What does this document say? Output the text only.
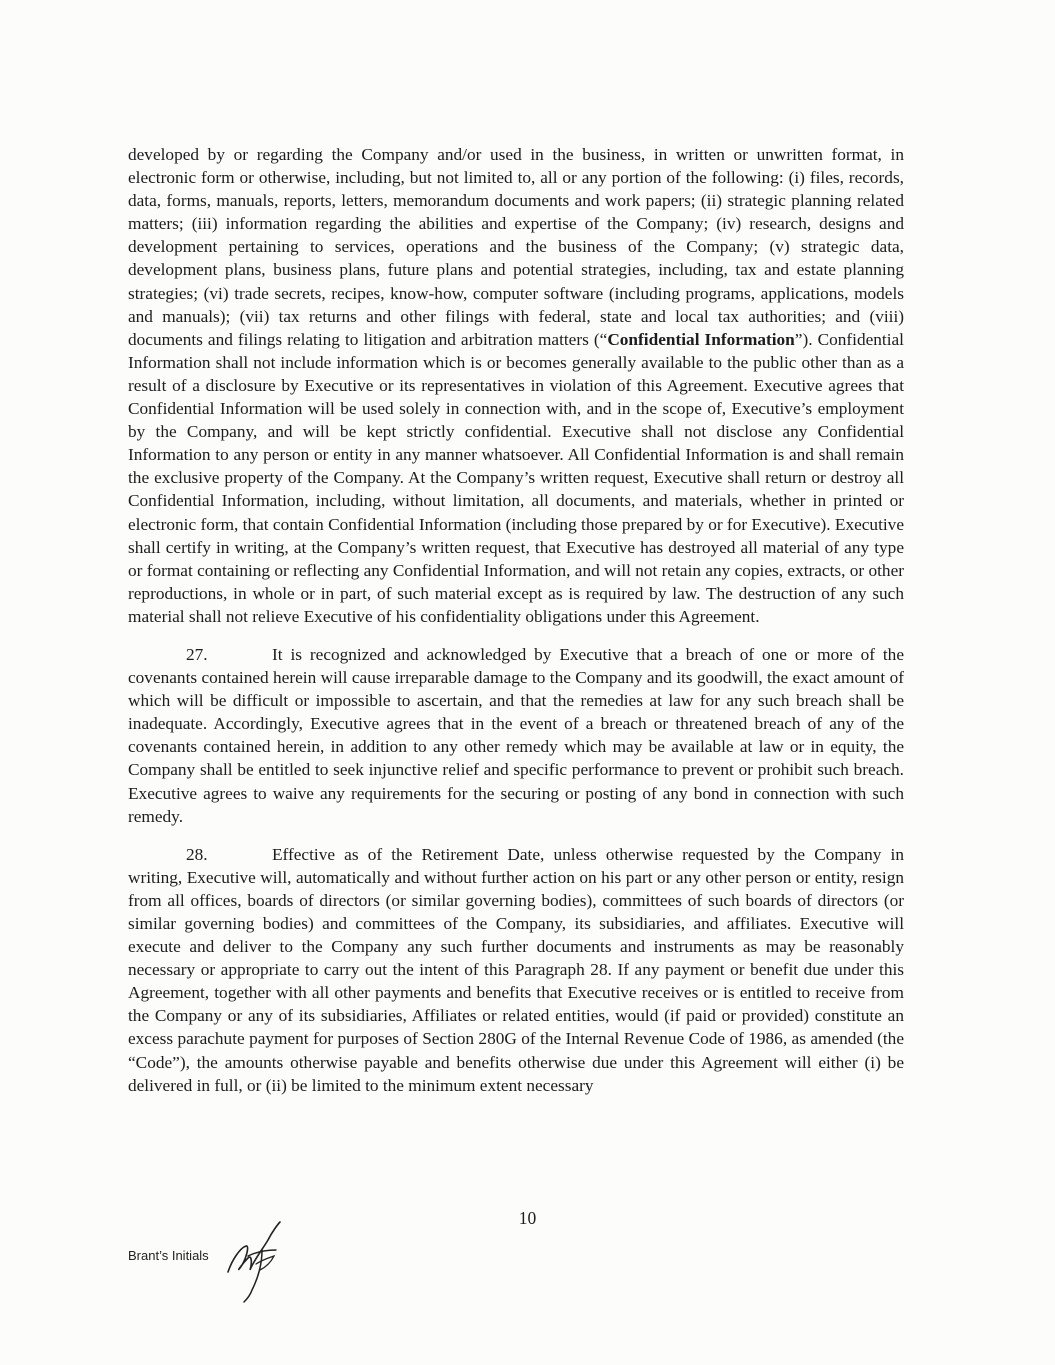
developed by or regarding the Company and/or used in the business, in written or unwritten format, in electronic form or otherwise, including, but not limited to, all or any portion of the following: (i) files, records, data, forms, manuals, reports, letters, memorandum documents and work papers; (ii) strategic planning related matters; (iii) information regarding the abilities and expertise of the Company; (iv) research, designs and development pertaining to services, operations and the business of the Company; (v) strategic data, development plans, business plans, future plans and potential strategies, including, tax and estate planning strategies; (vi) trade secrets, recipes, know-how, computer software (including programs, applications, models and manuals); (vii) tax returns and other filings with federal, state and local tax authorities; and (viii) documents and filings relating to litigation and arbitration matters (“Confidential Information”). Confidential Information shall not include information which is or becomes generally available to the public other than as a result of a disclosure by Executive or its representatives in violation of this Agreement. Executive agrees that Confidential Information will be used solely in connection with, and in the scope of, Executive’s employment by the Company, and will be kept strictly confidential. Executive shall not disclose any Confidential Information to any person or entity in any manner whatsoever. All Confidential Information is and shall remain the exclusive property of the Company. At the Company’s written request, Executive shall return or destroy all Confidential Information, including, without limitation, all documents, and materials, whether in printed or electronic form, that contain Confidential Information (including those prepared by or for Executive). Executive shall certify in writing, at the Company’s written request, that Executive has destroyed all material of any type or format containing or reflecting any Confidential Information, and will not retain any copies, extracts, or other reproductions, in whole or in part, of such material except as is required by law. The destruction of any such material shall not relieve Executive of his confidentiality obligations under this Agreement.

27.	It is recognized and acknowledged by Executive that a breach of one or more of the covenants contained herein will cause irreparable damage to the Company and its goodwill, the exact amount of which will be difficult or impossible to ascertain, and that the remedies at law for any such breach shall be inadequate. Accordingly, Executive agrees that in the event of a breach or threatened breach of any of the covenants contained herein, in addition to any other remedy which may be available at law or in equity, the Company shall be entitled to seek injunctive relief and specific performance to prevent or prohibit such breach. Executive agrees to waive any requirements for the securing or posting of any bond in connection with such remedy.

28.	Effective as of the Retirement Date, unless otherwise requested by the Company in writing, Executive will, automatically and without further action on his part or any other person or entity, resign from all offices, boards of directors (or similar governing bodies), committees of such boards of directors (or similar governing bodies) and committees of the Company, its subsidiaries, and affiliates. Executive will execute and deliver to the Company any such further documents and instruments as may be reasonably necessary or appropriate to carry out the intent of this Paragraph 28. If any payment or benefit due under this Agreement, together with all other payments and benefits that Executive receives or is entitled to receive from the Company or any of its subsidiaries, Affiliates or related entities, would (if paid or provided) constitute an excess parachute payment for purposes of Section 280G of the Internal Revenue Code of 1986, as amended (the “Code”), the amounts otherwise payable and benefits otherwise due under this Agreement will either (i) be delivered in full, or (ii) be limited to the minimum extent necessary

10
Brant’s Initials
